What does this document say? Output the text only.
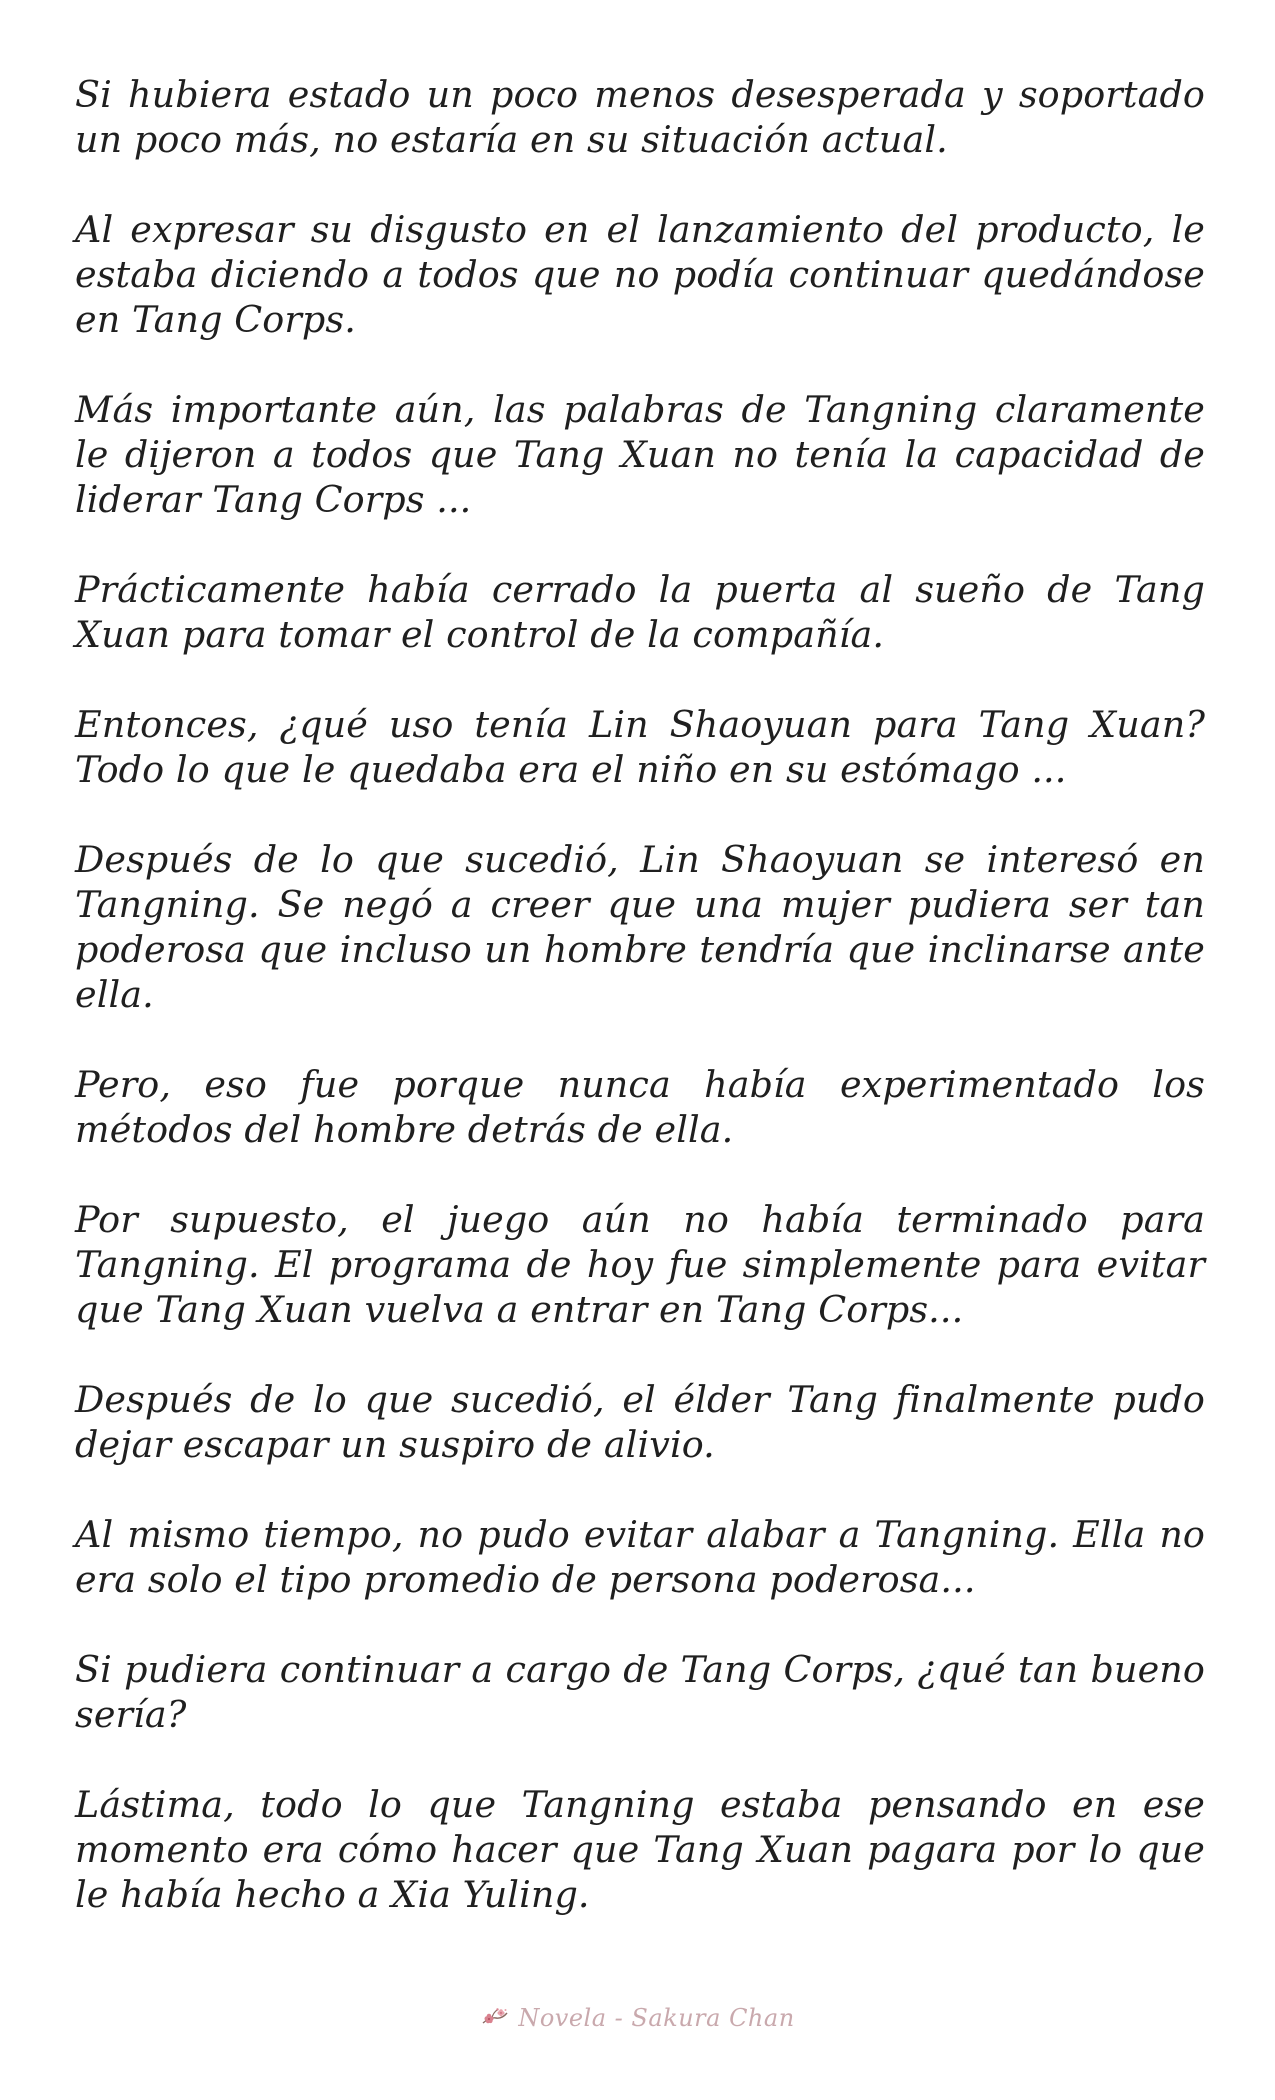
Si hubiera estado un poco menos desesperada y soportado un poco más, no estaría en su situación actual.

Al expresar su disgusto en el lanzamiento del producto, le estaba diciendo a todos que no podía continuar quedándose en Tang Corps.

Más importante aún, las palabras de Tangning claramente le dijeron a todos que Tang Xuan no tenía la capacidad de liderar Tang Corps ...

Prácticamente había cerrado la puerta al sueño de Tang Xuan para tomar el control de la compañía.

Entonces, ¿qué uso tenía Lin Shaoyuan para Tang Xuan? Todo lo que le quedaba era el niño en su estómago ...

Después de lo que sucedió, Lin Shaoyuan se interesó en Tangning. Se negó a creer que una mujer pudiera ser tan poderosa que incluso un hombre tendría que inclinarse ante ella.

Pero, eso fue porque nunca había experimentado los métodos del hombre detrás de ella.

Por supuesto, el juego aún no había terminado para Tangning. El programa de hoy fue simplemente para evitar que Tang Xuan vuelva a entrar en Tang Corps...

Después de lo que sucedió, el élder Tang finalmente pudo dejar escapar un suspiro de alivio.

Al mismo tiempo, no pudo evitar alabar a Tangning. Ella no era solo el tipo promedio de persona poderosa...

Si pudiera continuar a cargo de Tang Corps, ¿qué tan bueno sería?

Lástima, todo lo que Tangning estaba pensando en ese momento era cómo hacer que Tang Xuan pagara por lo que le había hecho a Xia Yuling.

Novela - Sakura Chan
